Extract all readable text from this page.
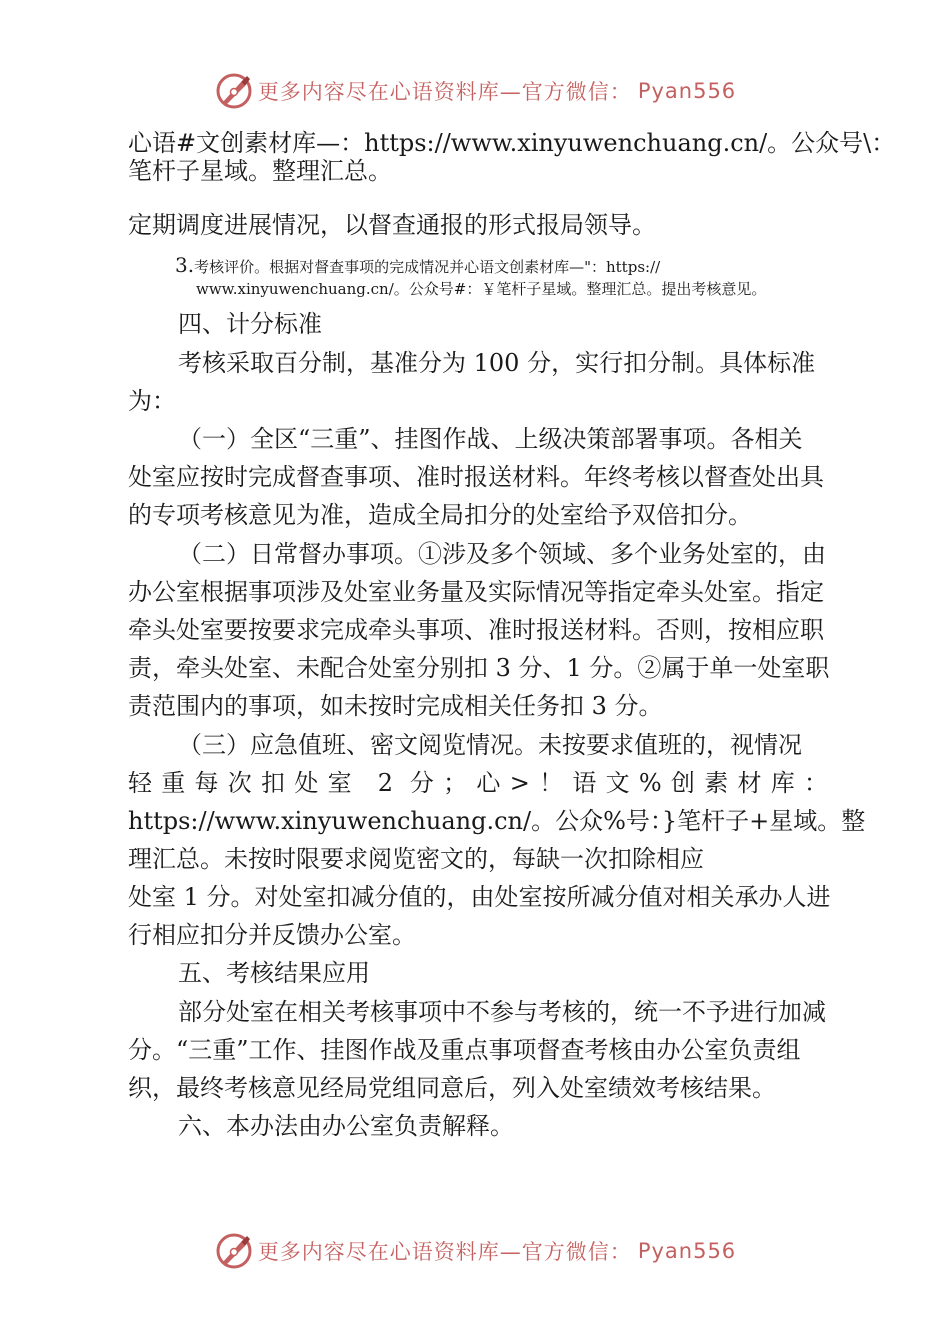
更多内容尽在心语资料库—官方微信： Pyan556
心语#文创素材库—：https://www.xinyuwenchuang.cn/。公众号\：
笔杆子星域。整理汇总。
定期调度进展情况，以督查通报的形式报局领导。
3.考核评价。根据对督查事项的完成情况并心语文创素材库—"：https://
www.xinyuwenchuang.cn/。公众号#：￥笔杆子星域。整理汇总。提出考核意见。
四、计分标准
考核采取百分制，基准分为 100 分，实行扣分制。具体标准
为：
（一）全区“三重”、挂图作战、上级决策部署事项。各相关
处室应按时完成督查事项、准时报送材料。年终考核以督查处出具
的专项考核意见为准，造成全局扣分的处室给予双倍扣分。
（二）日常督办事项。①涉及多个领域、多个业务处室的，由
办公室根据事项涉及处室业务量及实际情况等指定牵头处室。指定
牵头处室要按要求完成牵头事项、准时报送材料。否则，按相应职
责，牵头处室、未配合处室分别扣 3 分、1 分。②属于单一处室职
责范围内的事项，如未按时完成相关任务扣 3 分。
（三）应急值班、密文阅览情况。未按要求值班的，视情况
轻重每次扣处室 2 分；心>！语文%创素材库：
https://www.xinyuwenchuang.cn/。公众%号：}笔杆子+星域。整
理汇总。未按时限要求阅览密文的，每缺一次扣除相应
处室 1 分。对处室扣减分值的，由处室按所减分值对相关承办人进
行相应扣分并反馈办公室。
五、考核结果应用
部分处室在相关考核事项中不参与考核的，统一不予进行加减
分。“三重”工作、挂图作战及重点事项督查考核由办公室负责组
织，最终考核意见经局党组同意后，列入处室绩效考核结果。
六、本办法由办公室负责解释。
更多内容尽在心语资料库—官方微信： Pyan556
